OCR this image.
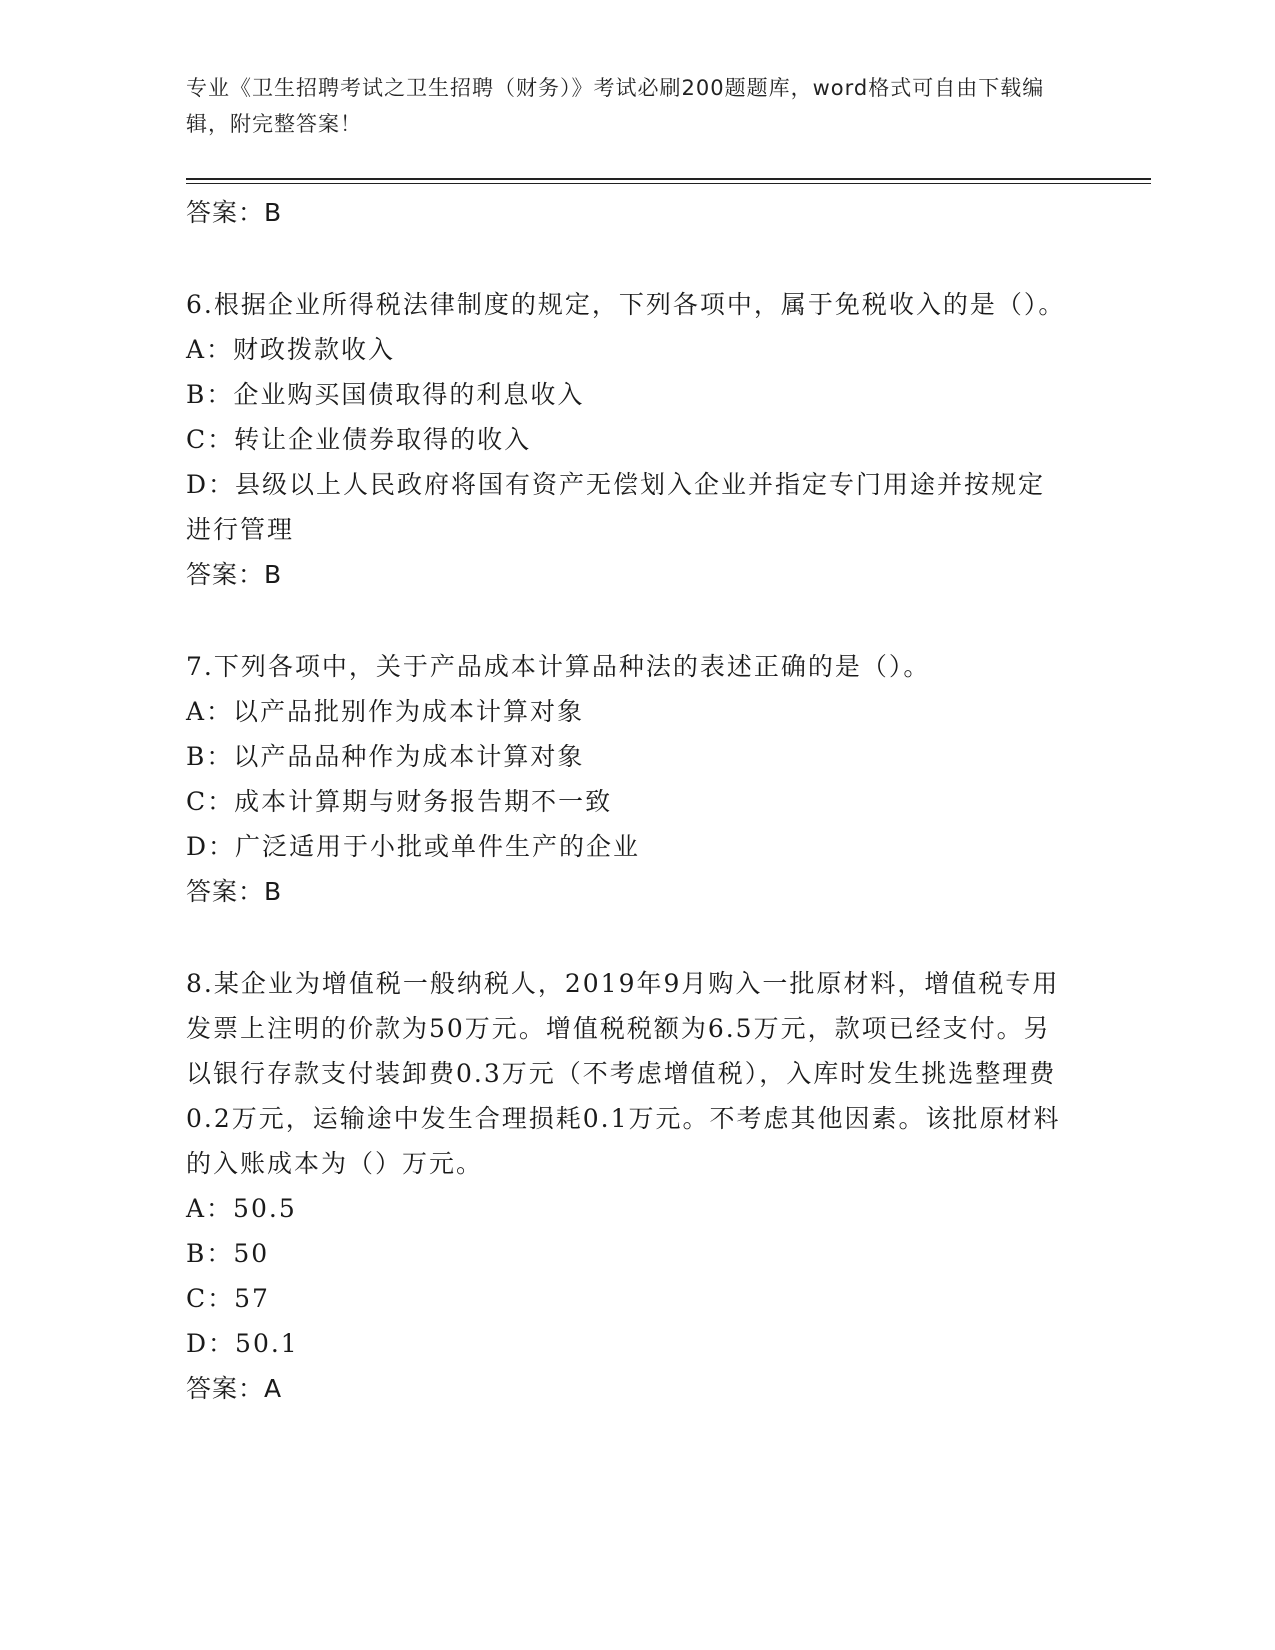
专业《卫生招聘考试之卫生招聘（财务）》考试必刷200题题库，word格式可自由下载编辑，附完整答案！

答案：B

6.根据企业所得税法律制度的规定，下列各项中，属于免税收入的是（）。

A：财政拨款收入

B：企业购买国债取得的利息收入

C：转让企业债券取得的收入

D：县级以上人民政府将国有资产无偿划入企业并指定专门用途并按规定进行管理

答案：B

7.下列各项中，关于产品成本计算品种法的表述正确的是（）。

A：以产品批别作为成本计算对象

B：以产品品种作为成本计算对象

C：成本计算期与财务报告期不一致

D：广泛适用于小批或单件生产的企业

答案：B

8.某企业为增值税一般纳税人，2019年9月购入一批原材料，增值税专用发票上注明的价款为50万元。增值税税额为6.5万元，款项已经支付。另以银行存款支付装卸费0.3万元（不考虑增值税），入库时发生挑选整理费0.2万元，运输途中发生合理损耗0.1万元。不考虑其他因素。该批原材料的入账成本为（）万元。

A：50.5

B：50

C：57

D：50.1

答案：A
